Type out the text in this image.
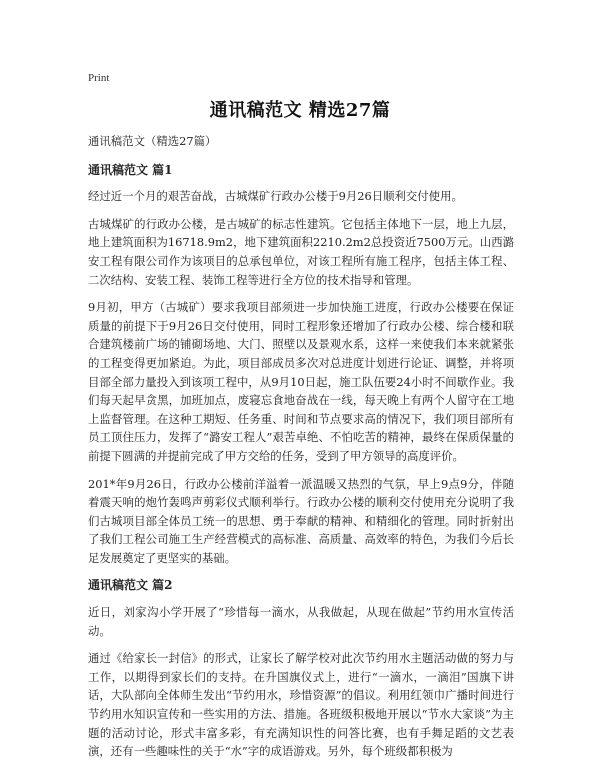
Print
通讯稿范文 精选27篇
通讯稿范文（精选27篇）
通讯稿范文 篇1

经过近一个月的艰苦奋战，古城煤矿行政办公楼于9月26日顺利交付使用。

古城煤矿的行政办公楼，是古城矿的标志性建筑。它包括主体地下一层，地上九层，地上建筑面积为16718.9m2，地下建筑面积2210.2m2总投资近7500万元。山西潞安工程有限公司作为该项目的总承包单位，对该工程所有施工程序，包括主体工程、二次结构、安装工程、装饰工程等进行全方位的技术指导和管理。

9月初，甲方（古城矿）要求我项目部须进一步加快施工进度，行政办公楼要在保证质量的前提下于9月26日交付使用，同时工程形象还增加了行政办公楼、综合楼和联合建筑楼前广场的铺砌场地、大门、照壁以及景观水系，这样一来使我们本来就紧张的工程变得更加紧迫。为此，项目部成员多次对总进度计划进行论证、调整，并将项目部全部力量投入到该项工程中，从9月10日起，施工队伍要24小时不间歇作业。我们每天起早贪黑，加班加点，废寝忘食地奋战在一线，每天晚上有两个人留守在工地上监督管理。在这种工期短、任务重、时间和节点要求高的情况下，我们项目部所有员工顶住压力，发挥了“潞安工程人”艰苦卓绝、不怕吃苦的精神，最终在保质保量的前提下圆满的并提前完成了甲方交给的任务，受到了甲方领导的高度评价。

201*年9月26日，行政办公楼前洋溢着一派温暖又热烈的气氛，早上9点9分，伴随着震天响的炮竹轰鸣声剪彩仪式顺利举行。行政办公楼的顺利交付使用充分说明了我们古城项目部全体员工统一的思想、勇于奉献的精神、和精细化的管理。同时折射出了我们工程公司施工生产经营模式的高标准、高质量、高效率的特色，为我们今后长足发展奠定了更坚实的基础。

通讯稿范文 篇2

近日，刘家沟小学开展了“珍惜每一滴水，从我做起，从现在做起”节约用水宣传活动。

通过《给家长一封信》的形式，让家长了解学校对此次节约用水主题活动做的努力与工作，以期得到家长们的支持。在升国旗仪式上，进行“一滴水，一滴泪”国旗下讲话，大队部向全体师生发出“节约用水，珍惜资源”的倡议。利用红领巾广播时间进行节约用水知识宣传和一些实用的方法、措施。各班级积极地开展以“节水大家谈”为主题的活动讨论，形式丰富多彩，有充满知识性的问答比赛，也有手舞足蹈的文艺表演，还有一些趣味性的关于“水”字的成语游戏。另外，每个班级都积极为
